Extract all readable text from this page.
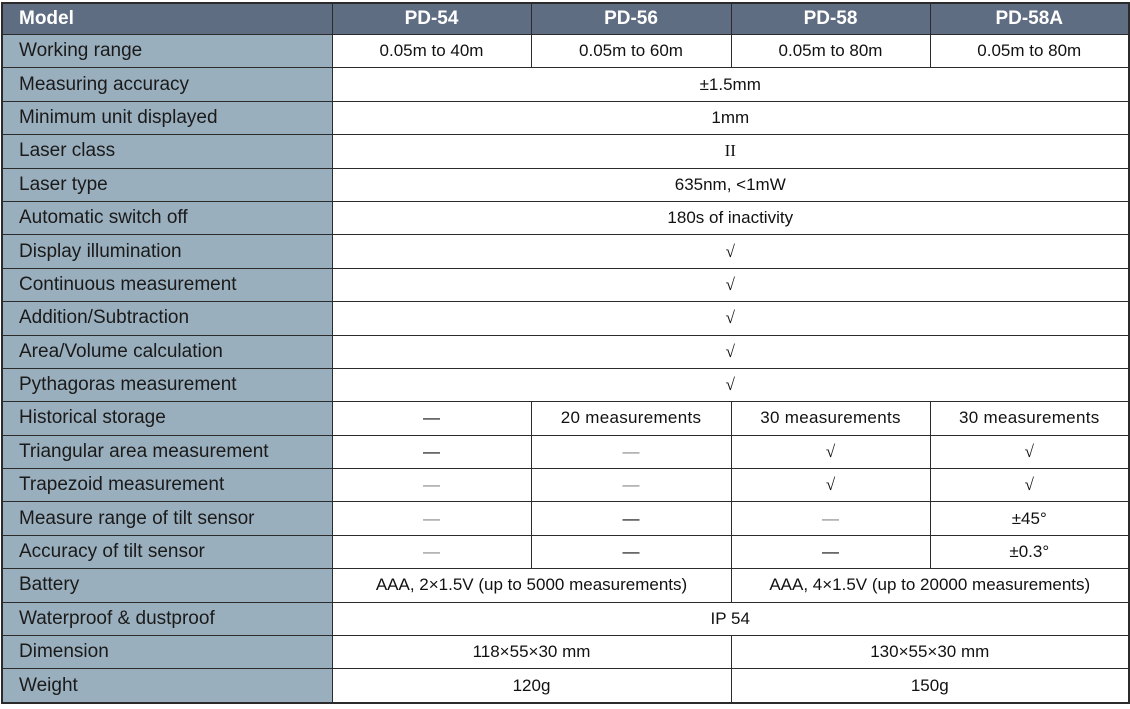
Model	PD-54	PD-56	PD-58	PD-58A
Working range	0.05m to 40m	0.05m to 60m	0.05m to 80m	0.05m to 80m
Measuring accuracy	±1.5mm			
Minimum unit displayed	1mm			
Laser class	II			
Laser type	635nm, <1mW			
Automatic switch off	180s of inactivity			
Display illumination	√			
Continuous measurement	√			
Addition/Subtraction	√			
Area/Volume calculation	√			
Pythagoras measurement	√			
Historical storage	—	20 measurements	30 measurements	30 measurements
Triangular area measurement	—	—	√	√
Trapezoid measurement	—	—	√	√
Measure range of tilt sensor	—	—	—	±45°
Accuracy of tilt sensor	—	—	—	±0.3°
Battery	AAA, 2×1.5V (up to 5000 measurements)		AAA, 4×1.5V (up to 20000 measurements)	
Waterproof & dustproof	IP 54			
Dimension	118×55×30 mm		130×55×30 mm	
Weight	120g		150g	
